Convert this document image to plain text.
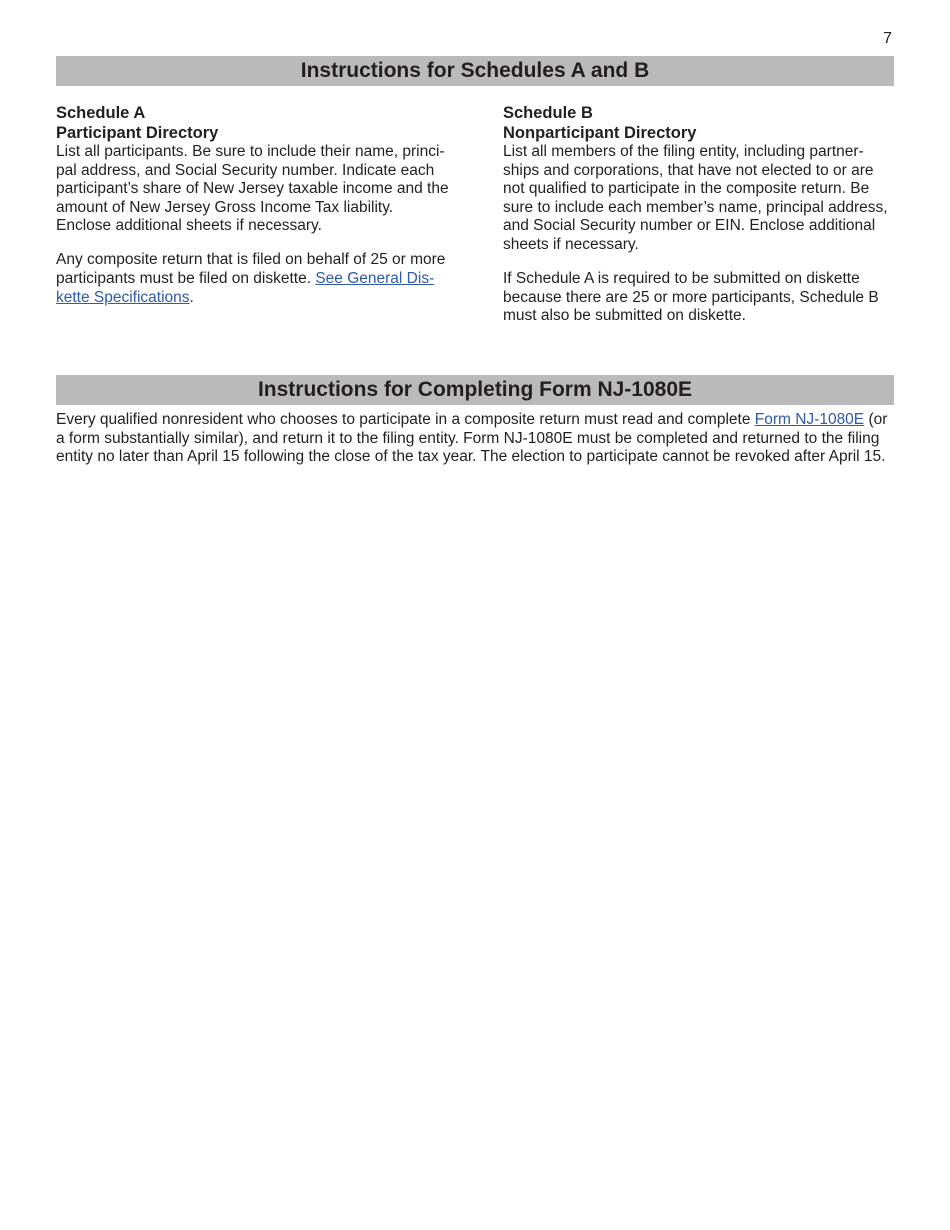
7
Instructions for Schedules A and B
Schedule A
Participant Directory

List all participants. Be sure to include their name, princi-pal address, and Social Security number. Indicate each participant’s share of New Jersey taxable income and the amount of New Jersey Gross Income Tax liability. Enclose additional sheets if necessary.

Any composite return that is filed on behalf of 25 or more participants must be filed on diskette. See General Dis-kette Specifications.

Schedule B
Nonparticipant Directory

List all members of the filing entity, including partner-ships and corporations, that have not elected to or are not qualified to participate in the composite return. Be sure to include each member’s name, principal address, and Social Security number or EIN. Enclose additional sheets if necessary.

If Schedule A is required to be submitted on diskette because there are 25 or more participants, Schedule B must also be submitted on diskette.

Instructions for Completing Form NJ-1080E

Every qualified nonresident who chooses to participate in a composite return must read and complete Form NJ-1080E (or a form substantially similar), and return it to the filing entity. Form NJ-1080E must be completed and returned to the filing entity no later than April 15 following the close of the tax year. The election to participate cannot be revoked after April 15.
